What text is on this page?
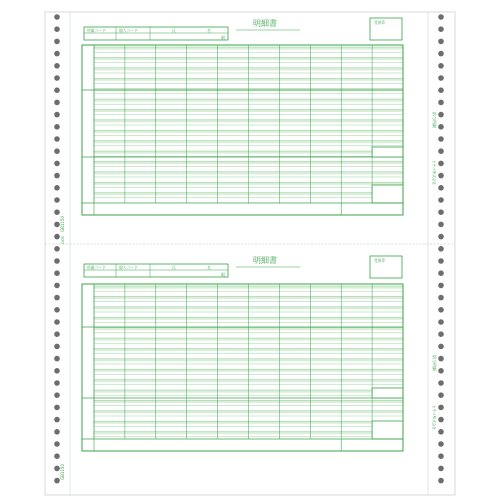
GB1150
GB1150
OCR
給与明細
ヒサゴ株式会社
給与明細
ヒサゴ株式会社
所属コード	個人コード	氏	名
殿
明細書	受領印
所属コード	個人コード	氏	名
殿
明細書	受領印
